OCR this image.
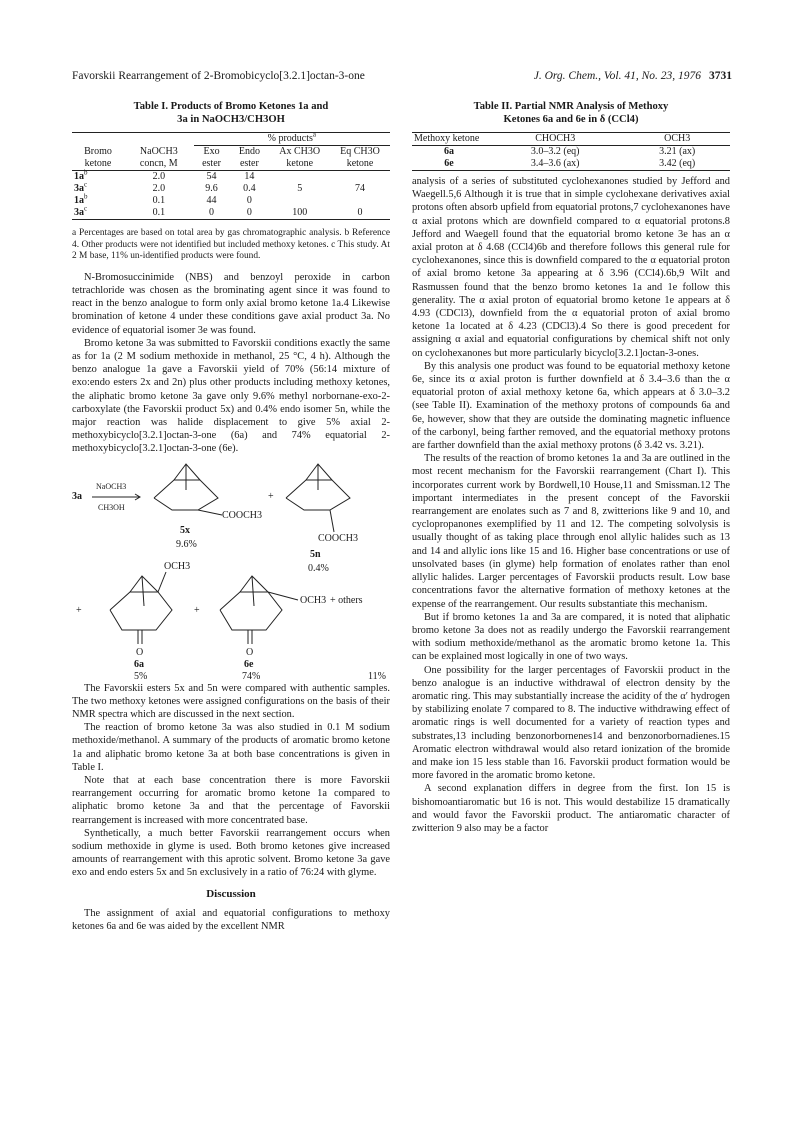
Favorskii Rearrangement of 2-Bromobicyclo[3.2.1]octan-3-one	J. Org. Chem., Vol. 41, No. 23, 1976 3731
Table I. Products of Bromo Ketones 1a and
3a in NaOCH3/CH3OH
		% products$^a$
Bromo ketone	NaOCH3 concn, M	Exo ester	Endo ester	Ax CH3O ketone	Eq CH3O ketone
$1a^b$	2.0	54	14		
$3a^c$	2.0	9.6	0.4	5	74
$1a^b$	0.1	44	0		
$3a^c$	0.1	0	0	100	0
a Percentages are based on total area by gas chromatographic analysis. b Reference 4. Other products were not identified but included methoxy ketones. c This study. At 2 M base, 11% un-identified products were found.

N-Bromosuccinimide (NBS) and benzoyl peroxide in carbon tetrachloride was chosen as the brominating agent since it was found to react in the benzo analogue to form only axial bromo ketone 1a.4 Likewise bromination of ketone 4 under these conditions gave axial product 3a. No evidence of equatorial isomer 3e was found.

Bromo ketone 3a was submitted to Favorskii conditions exactly the same as for 1a (2 M sodium methoxide in methanol, 25 °C, 4 h). Although the benzo analogue 1a gave a Favorskii yield of 70% (56:14 mixture of exo:endo esters 2x and 2n) plus other products including methoxy ketones, the aliphatic bromo ketone 3a gave only 9.6% methyl norbornane-exo-2-carboxylate (the Favorskii product 5x) and 0.4% endo isomer 5n, while the major reaction was halide displacement to give 5% axial 2-methoxybicyclo[3.2.1]octan-3-one (6a) and 74% equatorial 2-methoxybicyclo[3.2.1]octan-3-one (6e).

3a
NaOCH3
CH3OH
COOCH3
5x
9.6%
+
COOCH3
5n
0.4%
+
OCH3
O
6a
5%
+
OCH3
O
6e
74%
+ others
11%

The Favorskii esters 5x and 5n were compared with authentic samples. The two methoxy ketones were assigned configurations on the basis of their NMR spectra which are discussed in the next section.

The reaction of bromo ketone 3a was also studied in 0.1 M sodium methoxide/methanol. A summary of the products of aromatic bromo ketone 1a and aliphatic bromo ketone 3a at both base concentrations is given in Table I.

Note that at each base concentration there is more Favorskii rearrangement occurring for aromatic bromo ketone 1a compared to aliphatic bromo ketone 3a and that the percentage of Favorskii rearrangement is increased with more concentrated base.

Synthetically, a much better Favorskii rearrangement occurs when sodium methoxide in glyme is used. Both bromo ketones give increased amounts of rearrangement with this aprotic solvent. Bromo ketone 3a gave exo and endo esters 5x and 5n exclusively in a ratio of 76:24 with glyme.

Discussion

The assignment of axial and equatorial configurations to methoxy ketones 6a and 6e was aided by the excellent NMR

Table II. Partial NMR Analysis of Methoxy
Ketones 6a and 6e in δ (CCl4)
Methoxy ketone	CHOCH3	OCH3
6a	3.0–3.2 (eq)	3.21 (ax)
6e	3.4–3.6 (ax)	3.42 (eq)

analysis of a series of substituted cyclohexanones studied by Jefford and Waegell.5,6 Although it is true that in simple cyclohexane derivatives axial protons often absorb upfield from equatorial protons,7 cyclohexanones have α axial protons which are downfield compared to α equatorial protons.8 Jefford and Waegell found that the equatorial bromo ketone 3e has an α axial proton at δ 4.68 (CCl4)6b and therefore follows this general rule for cyclohexanones, since this is downfield compared to the α equatorial proton of axial bromo ketone 3a appearing at δ 3.96 (CCl4).6b,9 Wilt and Rasmussen found that the benzo bromo ketones 1a and 1e follow this generality. The α axial proton of equatorial bromo ketone 1e appears at δ 4.93 (CDCl3), downfield from the α equatorial proton of axial bromo ketone 1a located at δ 4.23 (CDCl3).4 So there is good precedent for assigning α axial and equatorial configurations by chemical shift not only on cyclohexanones but more particularly bicyclo[3.2.1]octan-3-ones.

By this analysis one product was found to be equatorial methoxy ketone 6e, since its α axial proton is further downfield at δ 3.4–3.6 than the α equatorial proton of axial methoxy ketone 6a, which appears at δ 3.0–3.2 (see Table II). Examination of the methoxy protons of compounds 6a and 6e, however, show that they are outside the dominating magnetic influence of the carbonyl, being farther removed, and the equatorial methoxy protons are farther downfield than the axial methoxy protons (δ 3.42 vs. 3.21).

The results of the reaction of bromo ketones 1a and 3a are outlined in the most recent mechanism for the Favorskii rearrangement (Chart I). This incorporates current work by Bordwell,10 House,11 and Smissman.12 The important intermediates in the present concept of the Favorskii rearrangement are enolates such as 7 and 8, zwitterions like 9 and 10, and cyclopropanones exemplified by 11 and 12. The competing solvolysis is usually thought of as taking place through enol allylic halides such as 13 and 14 and allylic ions like 15 and 16. Higher base concentrations or use of unsolvated bases (in glyme) help formation of enolates rather than enol allylic halides. Larger percentages of Favorskii products result. Low base concentrations favor the alternative formation of methoxy ketones at the expense of the rearrangement. Our results substantiate this mechanism.

But if bromo ketones 1a and 3a are compared, it is noted that aliphatic bromo ketone 3a does not as readily undergo the Favorskii rearrangement with sodium methoxide/methanol as the aromatic bromo ketone 1a. This can be explained most logically in one of two ways.

One possibility for the larger percentages of Favorskii product in the benzo analogue is an inductive withdrawal of electron density by the aromatic ring. This may substantially increase the acidity of the α′ hydrogen by stabilizing enolate 7 compared to 8. The inductive withdrawing effect of aromatic rings is well documented for a variety of reaction types and substrates,13 including benzonorbornenes14 and benzonorbornadienes.15 Aromatic electron withdrawal would also retard ionization of the bromide and make ion 15 less stable than 16. Favorskii product formation would be more favored in the aromatic bromo ketone.

A second explanation differs in degree from the first. Ion 15 is bishomoantiaromatic but 16 is not. This would destabilize 15 dramatically and would favor the Favorskii product. The antiaromatic character of zwitterion 9 also may be a factor
